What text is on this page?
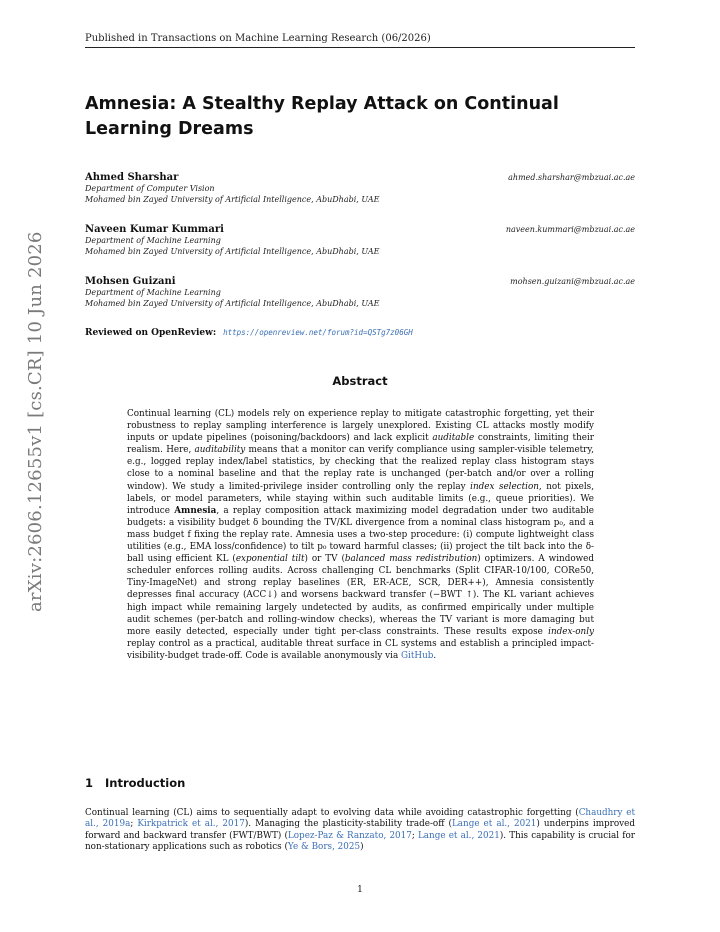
Published in Transactions on Machine Learning Research (06/2026)
arXiv:2606.12655v1 [cs.CR] 10 Jun 2026
Amnesia: A Stealthy Replay Attack on Continual Learning Dreams
Ahmed Sharshar	ahmed.sharshar@mbzuai.ac.ae
Department of Computer Vision
Mohamed bin Zayed University of Artificial Intelligence, AbuDhabi, UAE
Naveen Kumar Kummari	naveen.kummari@mbzuai.ac.ae
Department of Machine Learning
Mohamed bin Zayed University of Artificial Intelligence, AbuDhabi, UAE
Mohsen Guizani	mohsen.guizani@mbzuai.ac.ae
Department of Machine Learning
Mohamed bin Zayed University of Artificial Intelligence, AbuDhabi, UAE
Reviewed on OpenReview: https://openreview.net/forum?id=QSTg7z06GH
Abstract
Continual learning (CL) models rely on experience replay to mitigate catastrophic forgetting, yet their robustness to replay sampling interference is largely unexplored. Existing CL attacks mostly modify inputs or update pipelines (poisoning/backdoors) and lack explicit auditable constraints, limiting their realism. Here, auditability means that a monitor can verify compliance using sampler-visible telemetry, e.g., logged replay index/label statistics, by checking that the realized replay class histogram stays close to a nominal baseline and that the replay rate is unchanged (per-batch and/or over a rolling window). We study a limited-privilege insider controlling only the replay index selection, not pixels, labels, or model parameters, while staying within such auditable limits (e.g., queue priorities). We introduce Amnesia, a replay composition attack maximizing model degradation under two auditable budgets: a visibility budget δ bounding the TV/KL divergence from a nominal class histogram p₀, and a mass budget f fixing the replay rate. Amnesia uses a two-step procedure: (i) compute lightweight class utilities (e.g., EMA loss/confidence) to tilt p₀ toward harmful classes; (ii) project the tilt back into the δ-ball using efficient KL (exponential tilt) or TV (balanced mass redistribution) optimizers. A windowed scheduler enforces rolling audits. Across challenging CL benchmarks (Split CIFAR-10/100, CORe50, Tiny-ImageNet) and strong replay baselines (ER, ER-ACE, SCR, DER++), Amnesia consistently depresses final accuracy (ACC↓) and worsens backward transfer (−BWT ↑). The KL variant achieves high impact while remaining largely undetected by audits, as confirmed empirically under multiple audit schemes (per-batch and rolling-window checks), whereas the TV variant is more damaging but more easily detected, especially under tight per-class constraints. These results expose index-only replay control as a practical, auditable threat surface in CL systems and establish a principled impact-visibility-budget trade-off. Code is available anonymously via GitHub.
1 Introduction
Continual learning (CL) aims to sequentially adapt to evolving data while avoiding catastrophic forgetting (Chaudhry et al., 2019a; Kirkpatrick et al., 2017). Managing the plasticity-stability trade-off (Lange et al., 2021) underpins improved forward and backward transfer (FWT/BWT) (Lopez-Paz & Ranzato, 2017; Lange et al., 2021). This capability is crucial for non-stationary applications such as robotics (Ye & Bors, 2025)
1
